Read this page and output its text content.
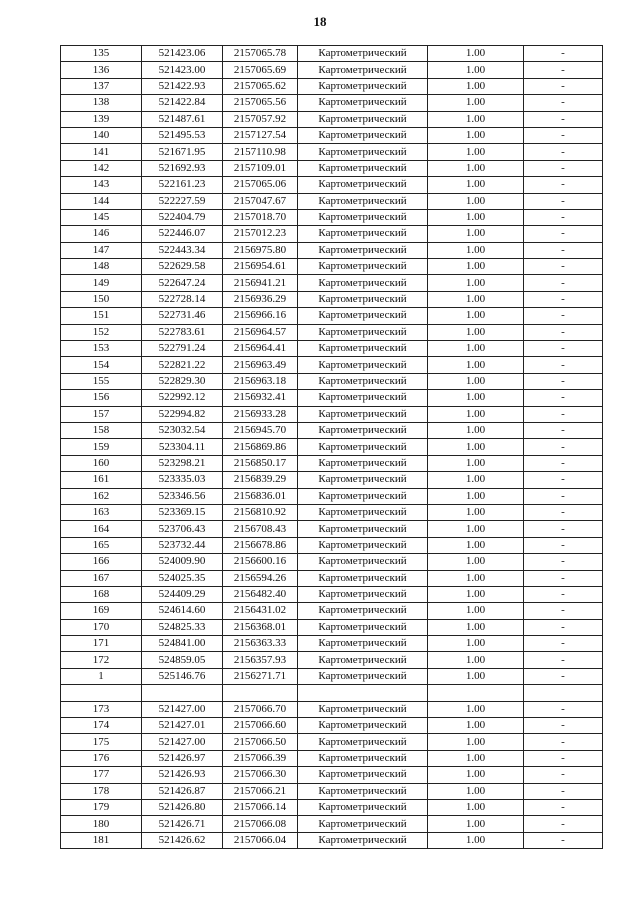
18
135	521423.06	2157065.78	Картометрический	1.00	-
136	521423.00	2157065.69	Картометрический	1.00	-
137	521422.93	2157065.62	Картометрический	1.00	-
138	521422.84	2157065.56	Картометрический	1.00	-
139	521487.61	2157057.92	Картометрический	1.00	-
140	521495.53	2157127.54	Картометрический	1.00	-
141	521671.95	2157110.98	Картометрический	1.00	-
142	521692.93	2157109.01	Картометрический	1.00	-
143	522161.23	2157065.06	Картометрический	1.00	-
144	522227.59	2157047.67	Картометрический	1.00	-
145	522404.79	2157018.70	Картометрический	1.00	-
146	522446.07	2157012.23	Картометрический	1.00	-
147	522443.34	2156975.80	Картометрический	1.00	-
148	522629.58	2156954.61	Картометрический	1.00	-
149	522647.24	2156941.21	Картометрический	1.00	-
150	522728.14	2156936.29	Картометрический	1.00	-
151	522731.46	2156966.16	Картометрический	1.00	-
152	522783.61	2156964.57	Картометрический	1.00	-
153	522791.24	2156964.41	Картометрический	1.00	-
154	522821.22	2156963.49	Картометрический	1.00	-
155	522829.30	2156963.18	Картометрический	1.00	-
156	522992.12	2156932.41	Картометрический	1.00	-
157	522994.82	2156933.28	Картометрический	1.00	-
158	523032.54	2156945.70	Картометрический	1.00	-
159	523304.11	2156869.86	Картометрический	1.00	-
160	523298.21	2156850.17	Картометрический	1.00	-
161	523335.03	2156839.29	Картометрический	1.00	-
162	523346.56	2156836.01	Картометрический	1.00	-
163	523369.15	2156810.92	Картометрический	1.00	-
164	523706.43	2156708.43	Картометрический	1.00	-
165	523732.44	2156678.86	Картометрический	1.00	-
166	524009.90	2156600.16	Картометрический	1.00	-
167	524025.35	2156594.26	Картометрический	1.00	-
168	524409.29	2156482.40	Картометрический	1.00	-
169	524614.60	2156431.02	Картометрический	1.00	-
170	524825.33	2156368.01	Картометрический	1.00	-
171	524841.00	2156363.33	Картометрический	1.00	-
172	524859.05	2156357.93	Картометрический	1.00	-
1	525146.76	2156271.71	Картометрический	1.00	-

173	521427.00	2157066.70	Картометрический	1.00	-
174	521427.01	2157066.60	Картометрический	1.00	-
175	521427.00	2157066.50	Картометрический	1.00	-
176	521426.97	2157066.39	Картометрический	1.00	-
177	521426.93	2157066.30	Картометрический	1.00	-
178	521426.87	2157066.21	Картометрический	1.00	-
179	521426.80	2157066.14	Картометрический	1.00	-
180	521426.71	2157066.08	Картометрический	1.00	-
181	521426.62	2157066.04	Картометрический	1.00	-
